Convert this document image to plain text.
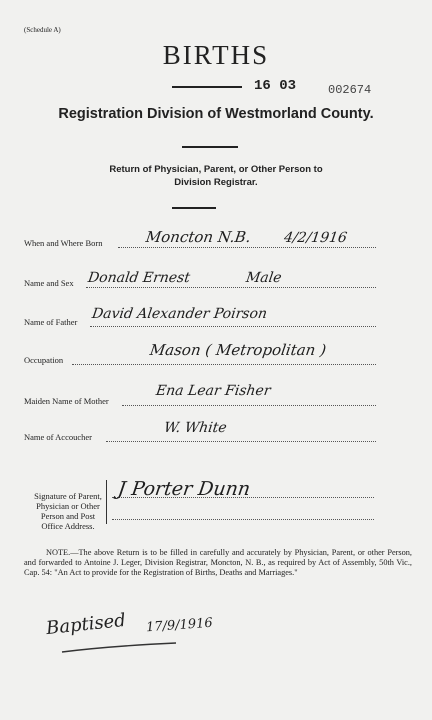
(Schedule A)
BIRTHS
16 03	002674
Registration Division of Westmorland County.
Return of Physician, Parent, or Other Person to
Division Registrar.
When and Where Born	Moncton N.B. 4/2/1916
Name and Sex Donald Ernest	Male
Name of Father David Alexander Poirson
Occupation
Mason ( Metropolitan )
Maiden Name of Mother
Ena Lear Fisher
Name of Accoucher
W. White
Signature of Parent, Physician or Other Person and Post Office Address.
J Porter Dunn
NOTE.—The above Return is to be filled in carefully and accurately by Physician, Parent, or other Person, and forwarded to Antoine J. Leger, Division Registrar, Moncton, N. B., as required by Act of Assembly, 50th Vic., Cap. 54: "An Act to provide for the Registration of Births, Deaths and Marriages."
Baptised 17/9/1916
